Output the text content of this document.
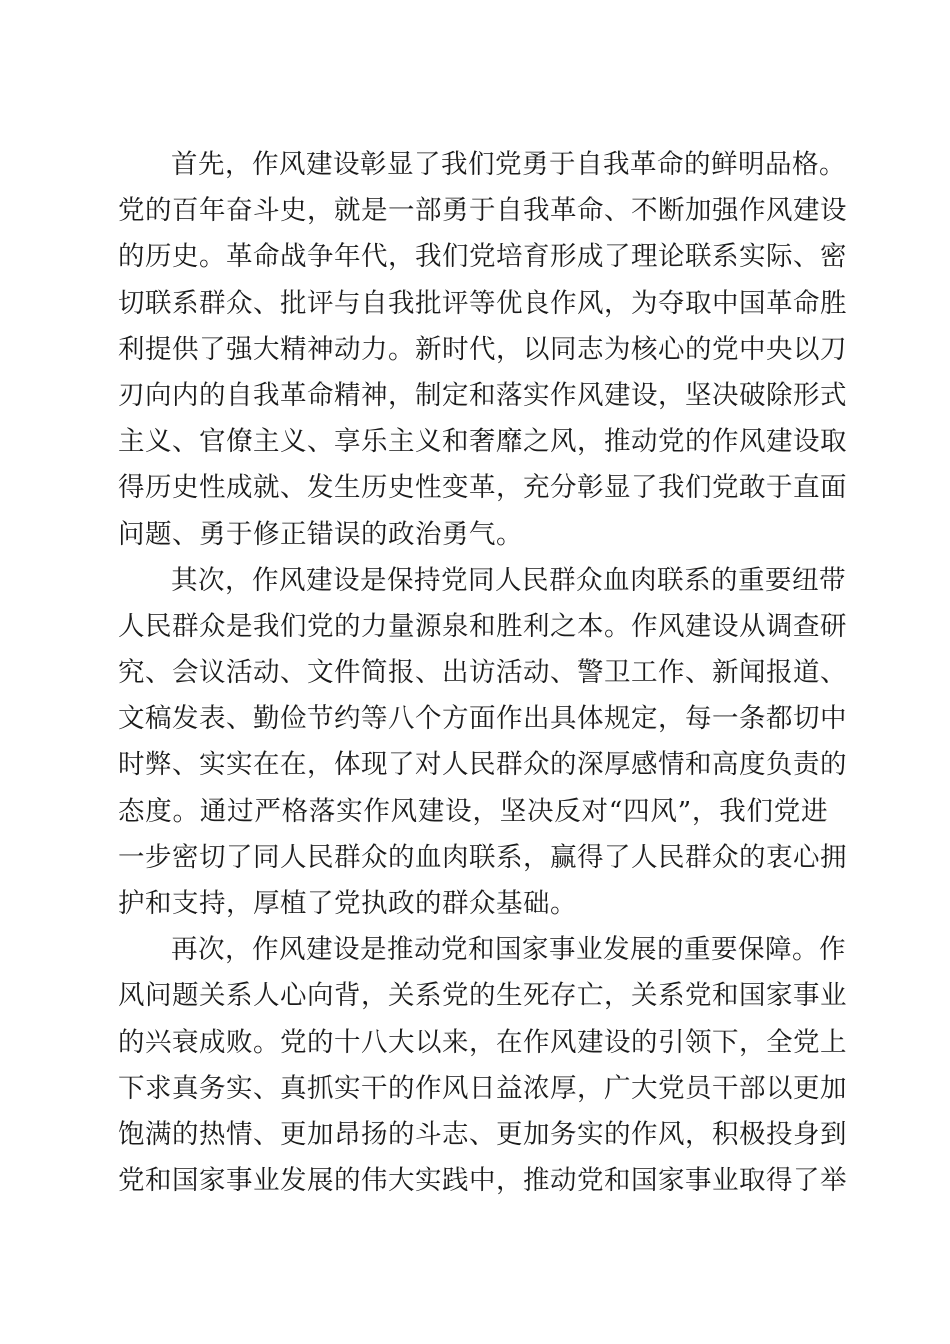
首先，作风建设彰显了我们党勇于自我革命的鲜明品格。
党的百年奋斗史，就是一部勇于自我革命、不断加强作风建设
的历史。革命战争年代，我们党培育形成了理论联系实际、密
切联系群众、批评与自我批评等优良作风，为夺取中国革命胜
利提供了强大精神动力。新时代，以同志为核心的党中央以刀
刃向内的自我革命精神，制定和落实作风建设，坚决破除形式
主义、官僚主义、享乐主义和奢靡之风，推动党的作风建设取
得历史性成就、发生历史性变革，充分彰显了我们党敢于直面
问题、勇于修正错误的政治勇气。

其次，作风建设是保持党同人民群众血肉联系的重要纽带
人民群众是我们党的力量源泉和胜利之本。作风建设从调查研
究、会议活动、文件简报、出访活动、警卫工作、新闻报道、
文稿发表、勤俭节约等八个方面作出具体规定，每一条都切中
时弊、实实在在，体现了对人民群众的深厚感情和高度负责的
态度。通过严格落实作风建设，坚决反对“四风”，我们党进
一步密切了同人民群众的血肉联系，赢得了人民群众的衷心拥
护和支持，厚植了党执政的群众基础。

再次，作风建设是推动党和国家事业发展的重要保障。作
风问题关系人心向背，关系党的生死存亡，关系党和国家事业
的兴衰成败。党的十八大以来，在作风建设的引领下，全党上
下求真务实、真抓实干的作风日益浓厚，广大党员干部以更加
饱满的热情、更加昂扬的斗志、更加务实的作风，积极投身到
党和国家事业发展的伟大实践中，推动党和国家事业取得了举
